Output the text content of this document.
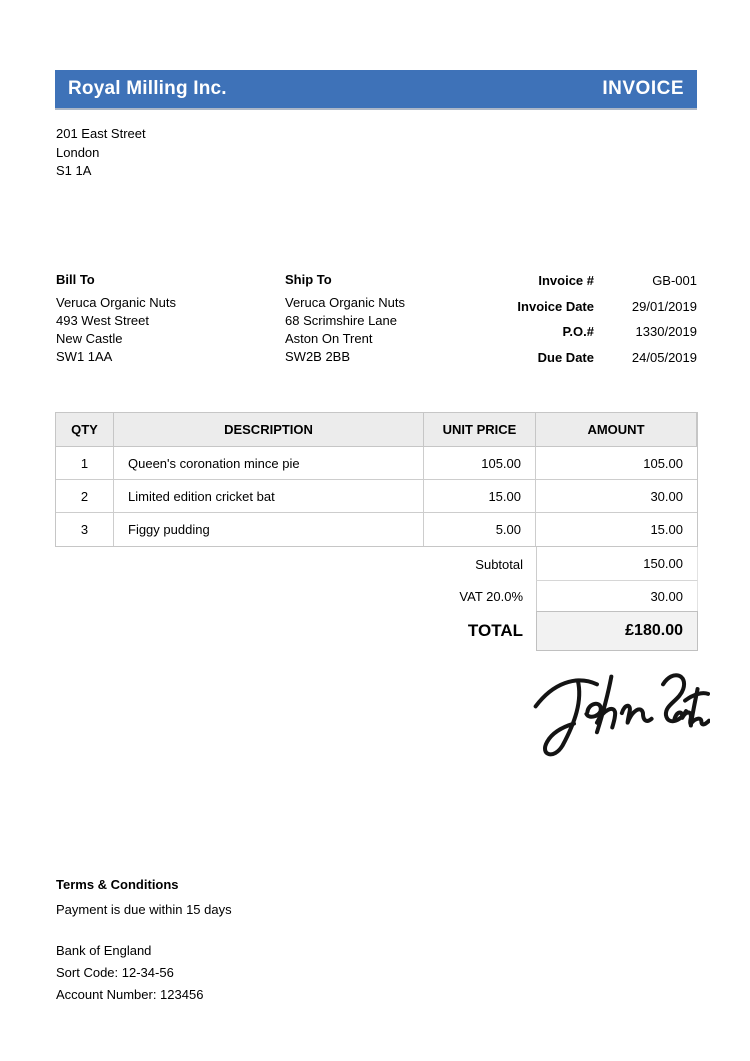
Royal Milling Inc.	INVOICE
201 East Street
London
S1 1A
Bill To
Veruca Organic Nuts
493 West Street
New Castle
SW1 1AA
Ship To
Veruca Organic Nuts
68 Scrimshire Lane
Aston On Trent
SW2B 2BB
Invoice #	GB-001
Invoice Date	29/01/2019
P.O.#	1330/2019
Due Date	24/05/2019
QTY	DESCRIPTION	UNIT PRICE	AMOUNT
1	Queen's coronation mince pie	105.00	105.00
2	Limited edition cricket bat	15.00	30.00
3	Figgy pudding	5.00	15.00
Subtotal	150.00
VAT 20.0%	30.00
TOTAL	£180.00
Terms & Conditions
Payment is due within 15 days
Bank of England
Sort Code: 12-34-56
Account Number: 123456
